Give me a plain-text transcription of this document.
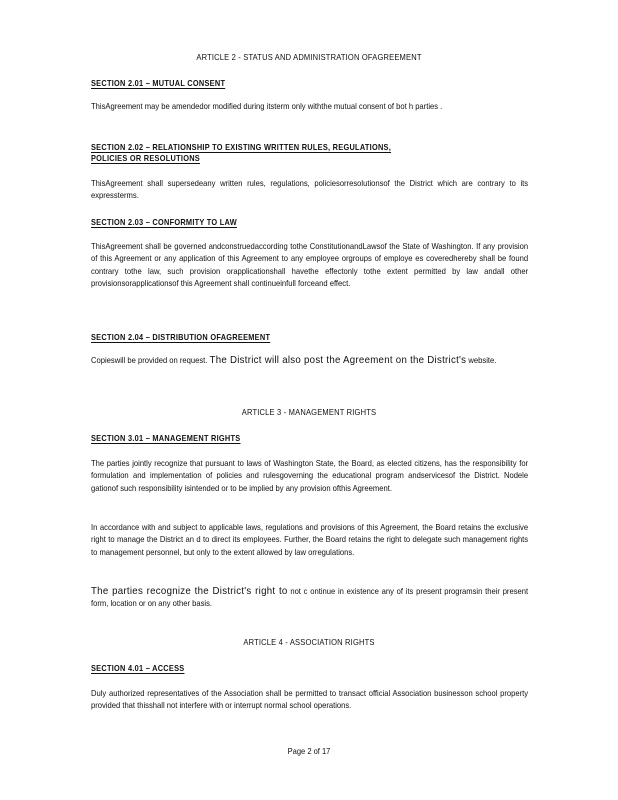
ARTICLE 2 - STATUS AND ADMINISTRATION OFAGREEMENT
SECTION 2.01 – MUTUAL CONSENT
ThisAgreement may be amendedor modified during itsterm only withthe mutual consent of bot h parties .
SECTION 2.02 – RELATIONSHIP TO EXISTING WRITTEN RULES, REGULATIONS,
POLICIES OR RESOLUTIONS
ThisAgreement shall supersedeany written rules, regulations, policiesorresolutionsof the District which are contrary to its expressterms.
SECTION 2.03 – CONFORMITY TO LAW
ThisAgreement shall be governed andconstruedaccording tothe ConstitutionandLawsof the State of Washington. If any provision of this Agreement or any application of this Agreement to any employee orgroups of employe es coveredhereby shall be found contrary tothe law, such provision orapplicationshall havethe effectonly tothe extent permitted by law andall other provisionsorapplicationsof this Agreement shall continueinfull forceand effect.
SECTION 2.04 – DISTRIBUTION OFAGREEMENT
Copieswill be provided on request. The District will also post the Agreement on the District's website.
ARTICLE 3 - MANAGEMENT RIGHTS
SECTION 3.01 – MANAGEMENT RIGHTS
The parties jointly recognize that pursuant to laws of Washington State, the Board, as elected citizens, has the responsibility for formulation and implementation of policies and rulesgoverning the educational program andservicesof the District. Nodele gationof such responsibility isintended or to be implied by any provision ofthis Agreement.
In accordance with and subject to applicable laws, regulations and provisions of this Agreement, the Board retains the exclusive right to manage the District an d to direct its employees. Further, the Board retains the right to delegate such management rights to management personnel, but only to the extent allowed by law orregulations.
The parties recognize the District's right to not c ontinue in existence any of its present programsin their present form, location or on any other basis.
ARTICLE 4 - ASSOCIATION RIGHTS
SECTION 4.01 – ACCESS
Duly authorized representatives of the Association shall be permitted to transact official Association businesson school property provided that thisshall not interfere with or interrupt normal school operations.
Page 2 of 17
